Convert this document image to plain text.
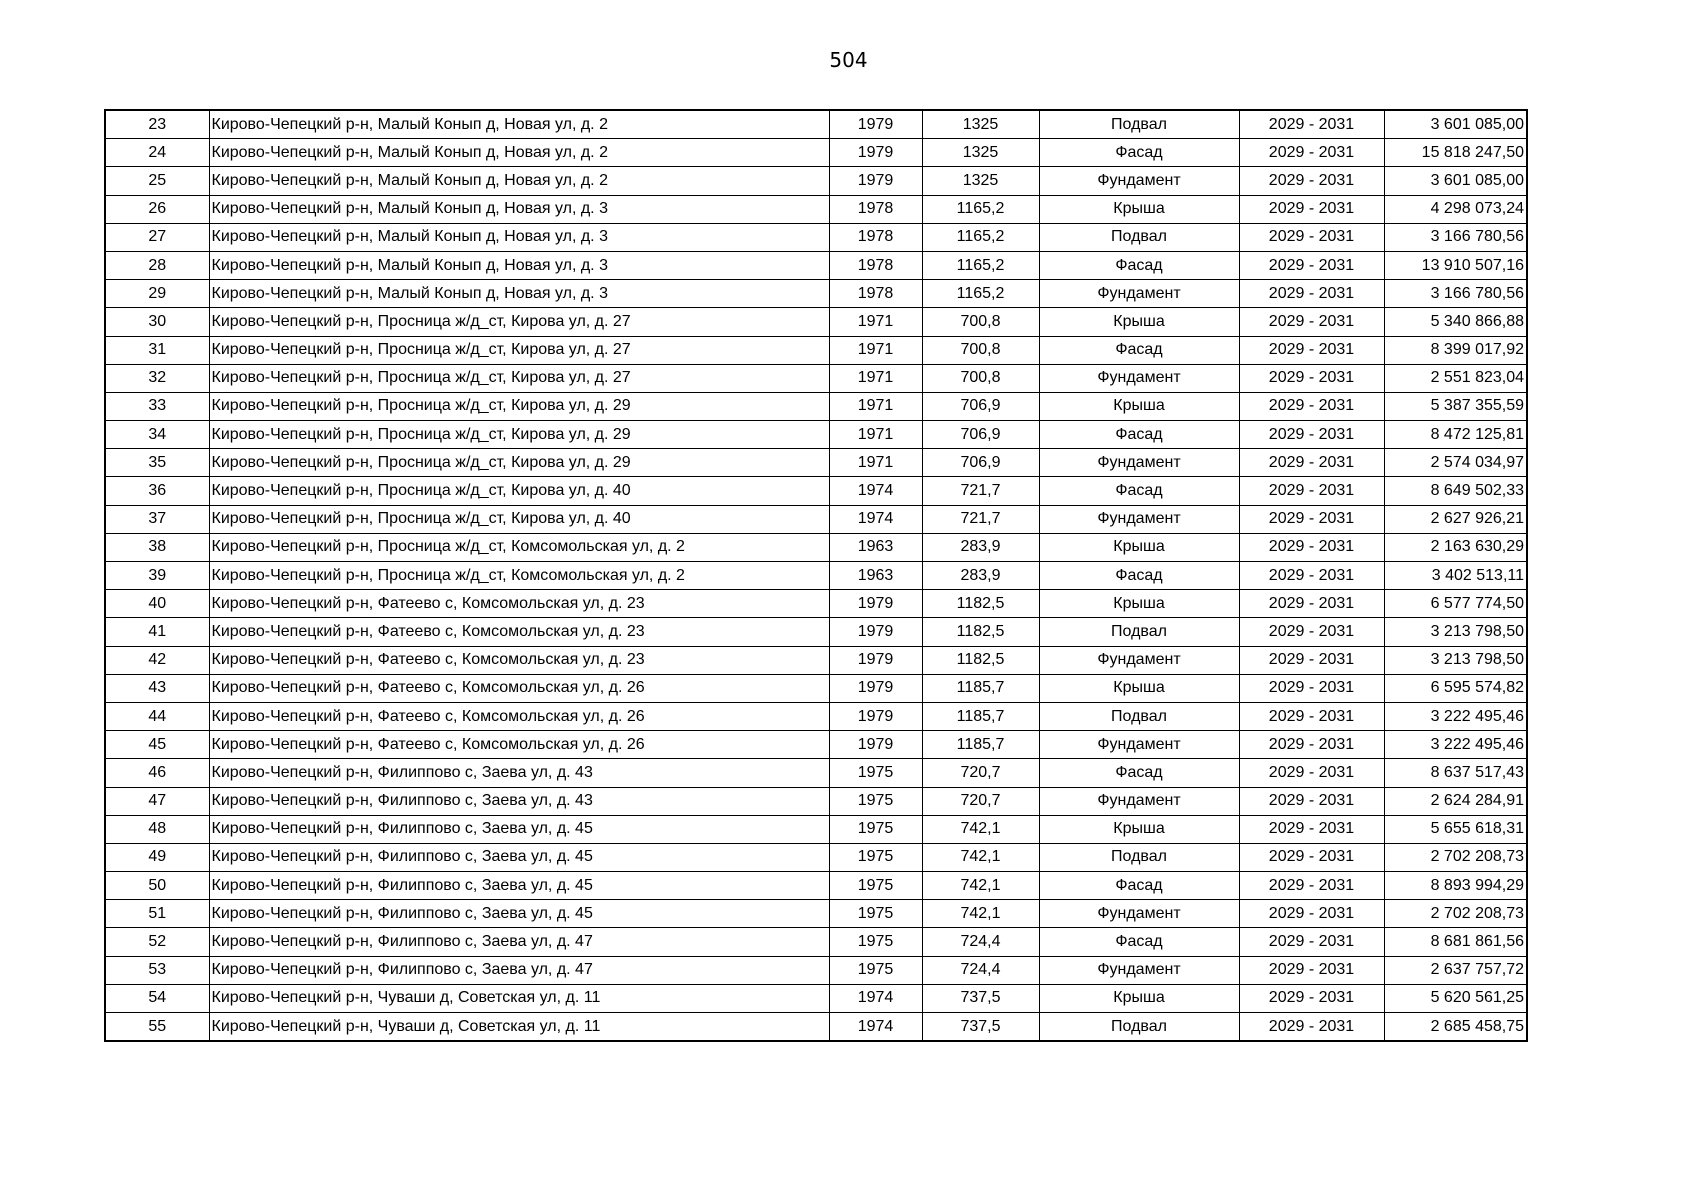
504
23	Кирово-Чепецкий р-н, Малый Конып д, Новая ул, д. 2	1979	1325	Подвал	2029 - 2031	3 601 085,00
24	Кирово-Чепецкий р-н, Малый Конып д, Новая ул, д. 2	1979	1325	Фасад	2029 - 2031	15 818 247,50
25	Кирово-Чепецкий р-н, Малый Конып д, Новая ул, д. 2	1979	1325	Фундамент	2029 - 2031	3 601 085,00
26	Кирово-Чепецкий р-н, Малый Конып д, Новая ул, д. 3	1978	1165,2	Крыша	2029 - 2031	4 298 073,24
27	Кирово-Чепецкий р-н, Малый Конып д, Новая ул, д. 3	1978	1165,2	Подвал	2029 - 2031	3 166 780,56
28	Кирово-Чепецкий р-н, Малый Конып д, Новая ул, д. 3	1978	1165,2	Фасад	2029 - 2031	13 910 507,16
29	Кирово-Чепецкий р-н, Малый Конып д, Новая ул, д. 3	1978	1165,2	Фундамент	2029 - 2031	3 166 780,56
30	Кирово-Чепецкий р-н, Просница ж/д_ст, Кирова ул, д. 27	1971	700,8	Крыша	2029 - 2031	5 340 866,88
31	Кирово-Чепецкий р-н, Просница ж/д_ст, Кирова ул, д. 27	1971	700,8	Фасад	2029 - 2031	8 399 017,92
32	Кирово-Чепецкий р-н, Просница ж/д_ст, Кирова ул, д. 27	1971	700,8	Фундамент	2029 - 2031	2 551 823,04
33	Кирово-Чепецкий р-н, Просница ж/д_ст, Кирова ул, д. 29	1971	706,9	Крыша	2029 - 2031	5 387 355,59
34	Кирово-Чепецкий р-н, Просница ж/д_ст, Кирова ул, д. 29	1971	706,9	Фасад	2029 - 2031	8 472 125,81
35	Кирово-Чепецкий р-н, Просница ж/д_ст, Кирова ул, д. 29	1971	706,9	Фундамент	2029 - 2031	2 574 034,97
36	Кирово-Чепецкий р-н, Просница ж/д_ст, Кирова ул, д. 40	1974	721,7	Фасад	2029 - 2031	8 649 502,33
37	Кирово-Чепецкий р-н, Просница ж/д_ст, Кирова ул, д. 40	1974	721,7	Фундамент	2029 - 2031	2 627 926,21
38	Кирово-Чепецкий р-н, Просница ж/д_ст, Комсомольская ул, д. 2	1963	283,9	Крыша	2029 - 2031	2 163 630,29
39	Кирово-Чепецкий р-н, Просница ж/д_ст, Комсомольская ул, д. 2	1963	283,9	Фасад	2029 - 2031	3 402 513,11
40	Кирово-Чепецкий р-н, Фатеево с, Комсомольская ул, д. 23	1979	1182,5	Крыша	2029 - 2031	6 577 774,50
41	Кирово-Чепецкий р-н, Фатеево с, Комсомольская ул, д. 23	1979	1182,5	Подвал	2029 - 2031	3 213 798,50
42	Кирово-Чепецкий р-н, Фатеево с, Комсомольская ул, д. 23	1979	1182,5	Фундамент	2029 - 2031	3 213 798,50
43	Кирово-Чепецкий р-н, Фатеево с, Комсомольская ул, д. 26	1979	1185,7	Крыша	2029 - 2031	6 595 574,82
44	Кирово-Чепецкий р-н, Фатеево с, Комсомольская ул, д. 26	1979	1185,7	Подвал	2029 - 2031	3 222 495,46
45	Кирово-Чепецкий р-н, Фатеево с, Комсомольская ул, д. 26	1979	1185,7	Фундамент	2029 - 2031	3 222 495,46
46	Кирово-Чепецкий р-н, Филиппово с, Заева ул, д. 43	1975	720,7	Фасад	2029 - 2031	8 637 517,43
47	Кирово-Чепецкий р-н, Филиппово с, Заева ул, д. 43	1975	720,7	Фундамент	2029 - 2031	2 624 284,91
48	Кирово-Чепецкий р-н, Филиппово с, Заева ул, д. 45	1975	742,1	Крыша	2029 - 2031	5 655 618,31
49	Кирово-Чепецкий р-н, Филиппово с, Заева ул, д. 45	1975	742,1	Подвал	2029 - 2031	2 702 208,73
50	Кирово-Чепецкий р-н, Филиппово с, Заева ул, д. 45	1975	742,1	Фасад	2029 - 2031	8 893 994,29
51	Кирово-Чепецкий р-н, Филиппово с, Заева ул, д. 45	1975	742,1	Фундамент	2029 - 2031	2 702 208,73
52	Кирово-Чепецкий р-н, Филиппово с, Заева ул, д. 47	1975	724,4	Фасад	2029 - 2031	8 681 861,56
53	Кирово-Чепецкий р-н, Филиппово с, Заева ул, д. 47	1975	724,4	Фундамент	2029 - 2031	2 637 757,72
54	Кирово-Чепецкий р-н, Чуваши д, Советская ул, д. 11	1974	737,5	Крыша	2029 - 2031	5 620 561,25
55	Кирово-Чепецкий р-н, Чуваши д, Советская ул, д. 11	1974	737,5	Подвал	2029 - 2031	2 685 458,75
